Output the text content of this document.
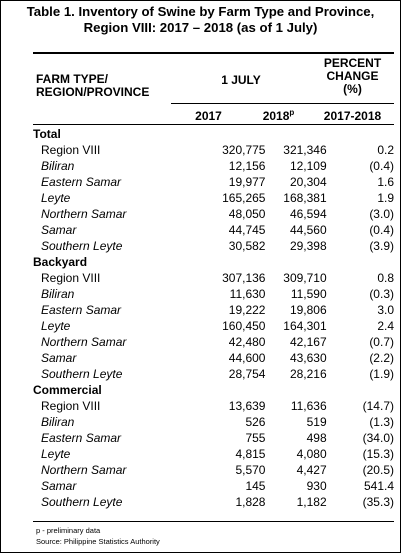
Table 1. Inventory of Swine by Farm Type and Province,
Region VIII: 2017 – 2018 (as of 1 July)
FARM TYPE/
REGION/PROVINCE
1 JULY
PERCENT
CHANGE
(%)
2017	2018$^p$	2017-2018
Total			
Region VIII	320,775	321,346	0.2
Biliran	12,156	12,109	(0.4)
Eastern Samar	19,977	20,304	1.6
Leyte	165,265	168,381	1.9
Northern Samar	48,050	46,594	(3.0)
Samar	44,745	44,560	(0.4)
Southern Leyte	30,582	29,398	(3.9)
Backyard			
Region VIII	307,136	309,710	0.8
Biliran	11,630	11,590	(0.3)
Eastern Samar	19,222	19,806	3.0
Leyte	160,450	164,301	2.4
Northern Samar	42,480	42,167	(0.7)
Samar	44,600	43,630	(2.2)
Southern Leyte	28,754	28,216	(1.9)
Commercial			
Region VIII	13,639	11,636	(14.7)
Biliran	526	519	(1.3)
Eastern Samar	755	498	(34.0)
Leyte	4,815	4,080	(15.3)
Northern Samar	5,570	4,427	(20.5)
Samar	145	930	541.4
Southern Leyte	1,828	1,182	(35.3)
p - preliminary data
Source: Philippine Statistics Authority
